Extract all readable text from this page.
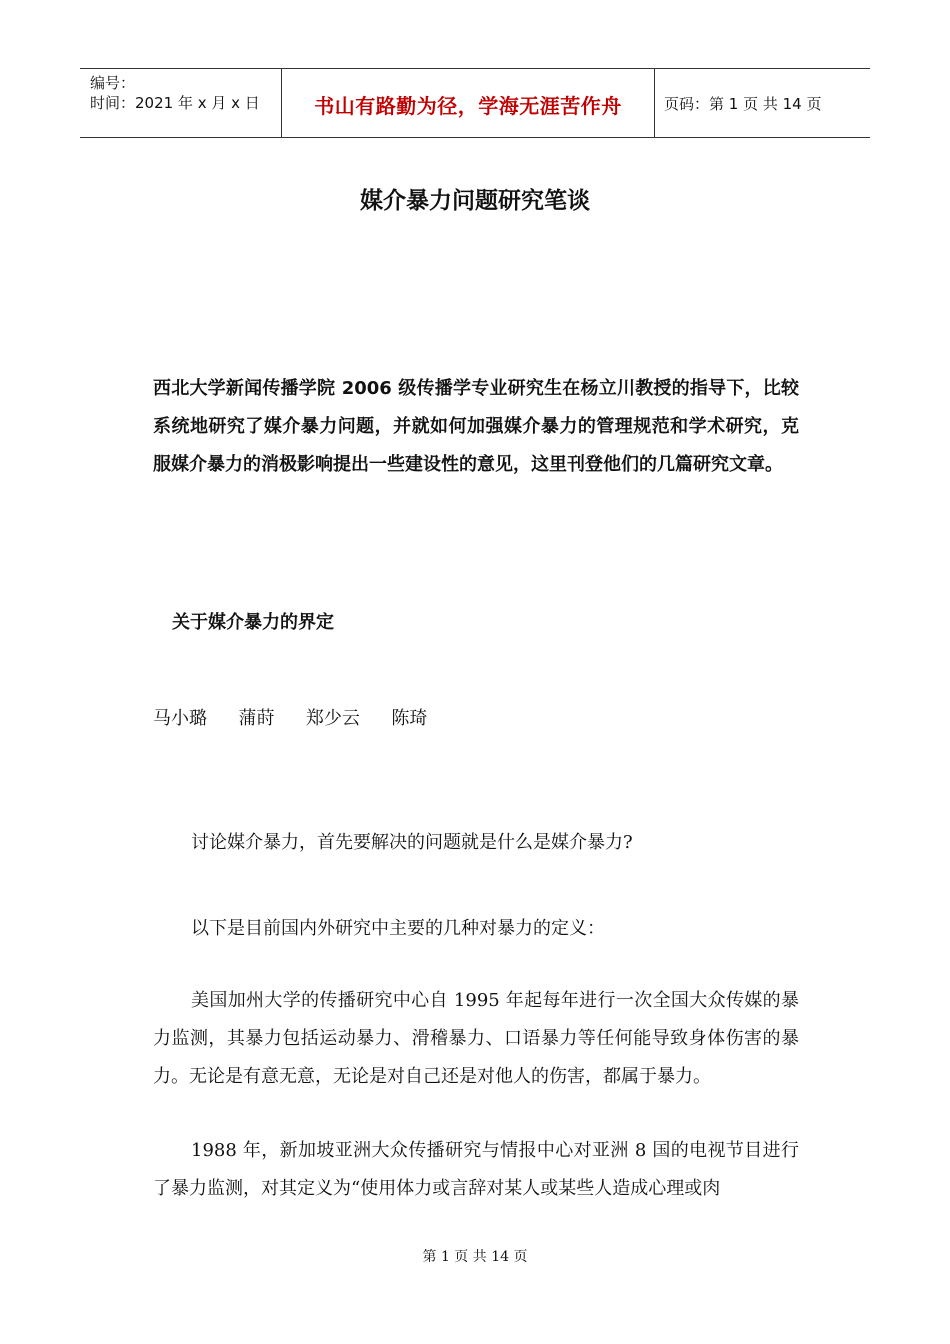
编号：
时间：2021 年 x 月 x 日	书山有路勤为径，学海无涯苦作舟	页码：第 1 页 共 14 页
媒介暴力问题研究笔谈
西北大学新闻传播学院 2006 级传播学专业研究生在杨立川教授的指导下，比较系统地研究了媒介暴力问题，并就如何加强媒介暴力的管理规范和学术研究，克服媒介暴力的消极影响提出一些建设性的意见，这里刊登他们的几篇研究文章。
关于媒介暴力的界定
马小璐  蒲莳  郑少云  陈琦
讨论媒介暴力，首先要解决的问题就是什么是媒介暴力?
以下是目前国内外研究中主要的几种对暴力的定义：
美国加州大学的传播研究中心自 1995 年起每年进行一次全国大众传媒的暴力监测，其暴力包括运动暴力、滑稽暴力、口语暴力等任何能导致身体伤害的暴力。无论是有意无意，无论是对自己还是对他人的伤害，都属于暴力。
1988 年，新加坡亚洲大众传播研究与情报中心对亚洲 8 国的电视节目进行了暴力监测，对其定义为“使用体力或言辞对某人或某些人造成心理或肉
第 1 页 共 14 页
